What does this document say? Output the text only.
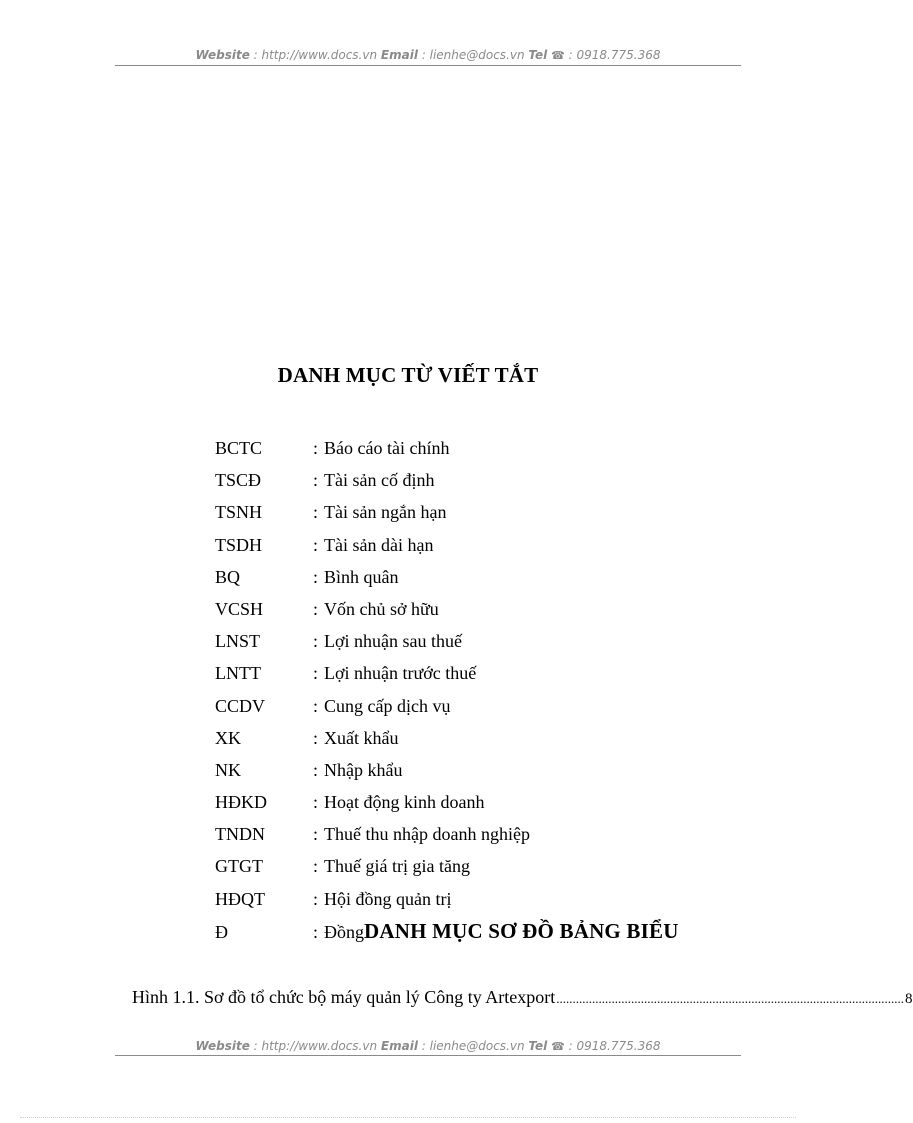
Website : http://www.docs.vn Email : lienhe@docs.vn Tel ☎ : 0918.775.368
DANH MỤC TỪ VIẾT TẮT
BCTC	: Báo cáo tài chính
TSCĐ	: Tài sản cố định
TSNH	: Tài sản ngắn hạn
TSDH	: Tài sản dài hạn
BQ	: Bình quân
VCSH	: Vốn chủ sở hữu
LNST	: Lợi nhuận sau thuế
LNTT	: Lợi nhuận trước thuế
CCDV	: Cung cấp dịch vụ
XK	: Xuất khẩu
NK	: Nhập khẩu
HĐKD	: Hoạt động kinh doanh
TNDN	: Thuế thu nhập doanh nghiệp
GTGT	: Thuế giá trị gia tăng
HĐQT	: Hội đồng quản trị
Đ	: ĐồngDANH MỤC SƠ ĐỒ BẢNG BIỂU
Hình 1.1. Sơ đồ tổ chức bộ máy quản lý Công ty Artexport ........................................................................................................... 8
Website : http://www.docs.vn Email : lienhe@docs.vn Tel ☎ : 0918.775.368
